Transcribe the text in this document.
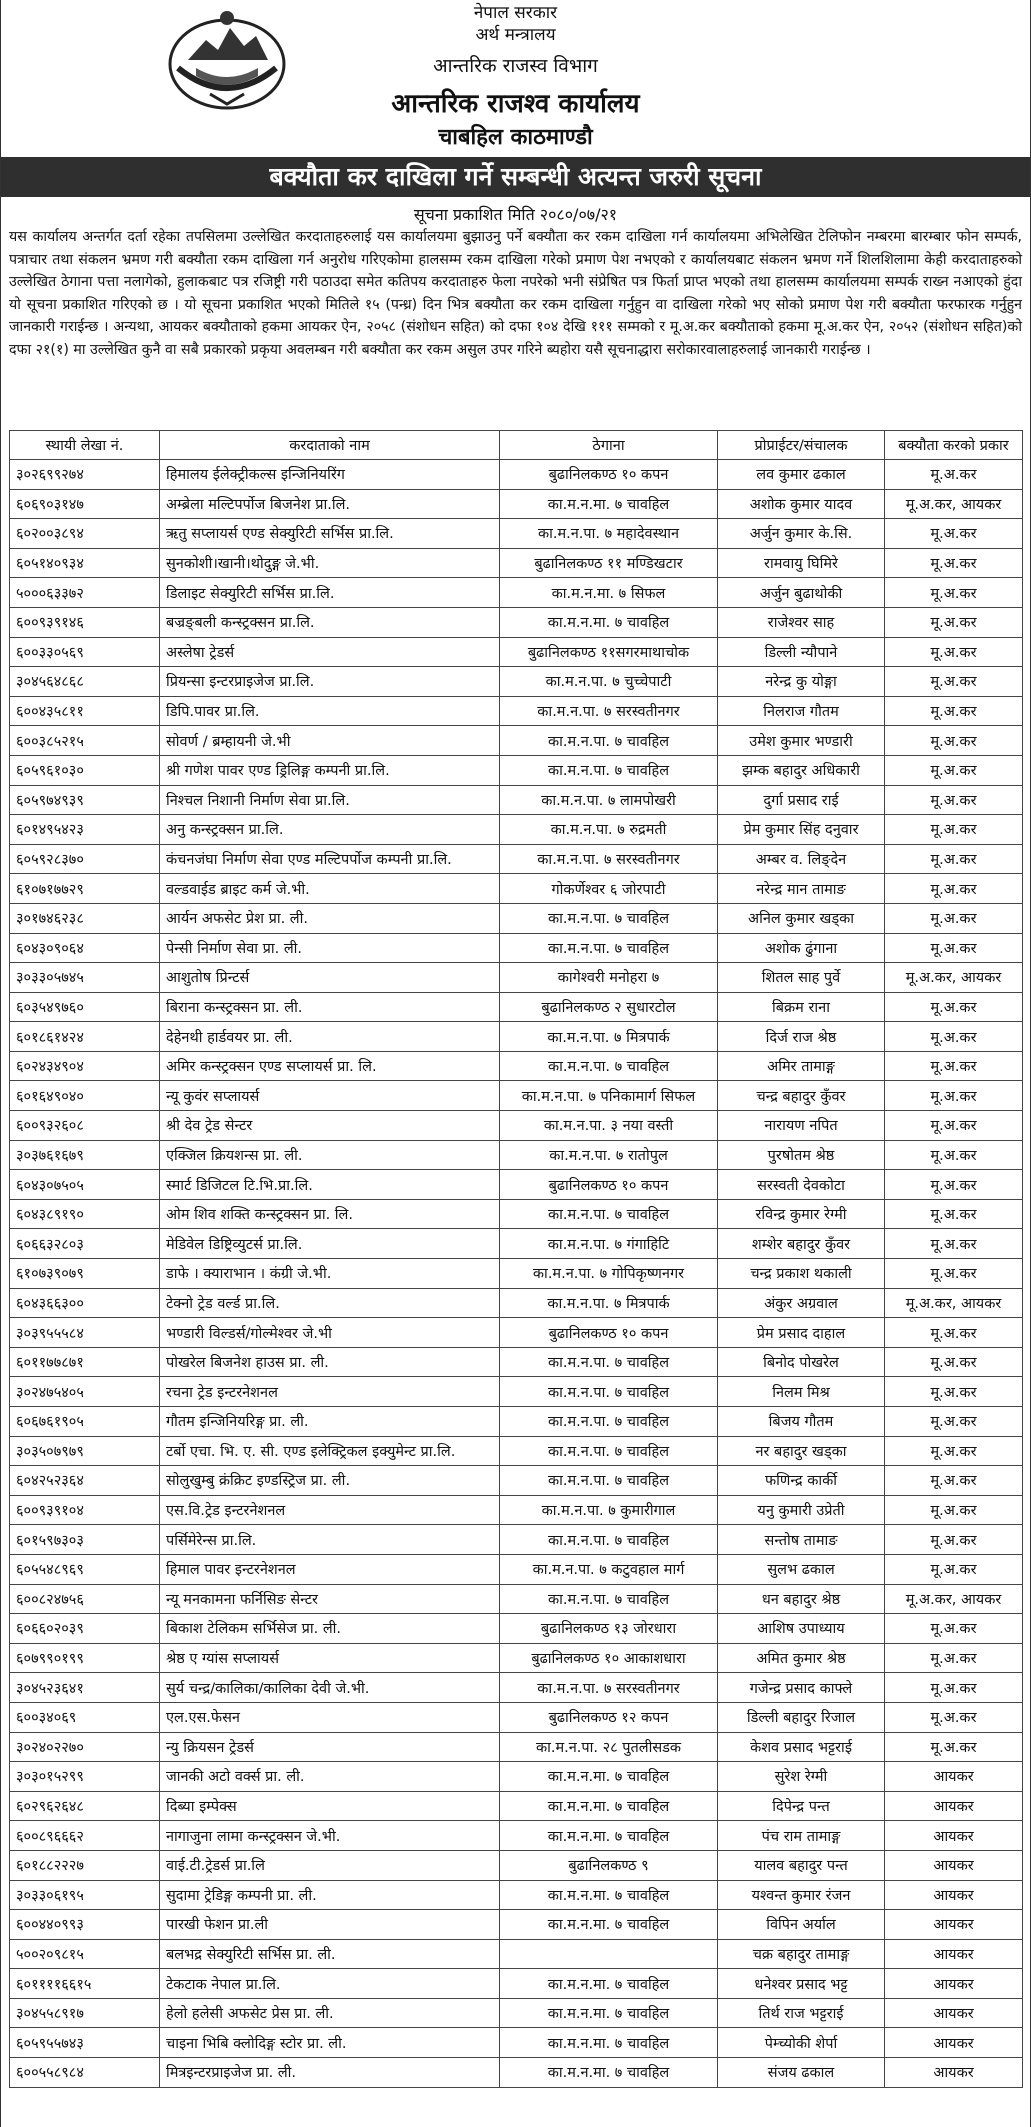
नेपाल सरकार
अर्थ मन्त्रालय
आन्तरिक राजस्व विभाग
आन्तरिक राजश्व कार्यालय
चाबहिल काठमाण्डौ
बक्यौता कर दाखिला गर्ने सम्बन्धी अत्यन्त जरुरी सूचना
सूचना प्रकाशित मिति २०८०/०७/२१
यस कार्यालय अन्तर्गत दर्ता रहेका तपसिलमा उल्लेखित करदाताहरुलाई यस कार्यालयमा बुझाउनु पर्ने बक्यौता कर रकम दाखिला गर्न कार्यालयमा अभिलेखित टेलिफोन नम्बरमा बारम्बार फोन सम्पर्क, पत्राचार तथा संकलन भ्रमण गरी बक्यौता रकम दाखिला गर्न अनुरोध गरिएकोमा हालसम्म रकम दाखिला गरेको प्रमाण पेश नभएको र कार्यालयबाट संकलन भ्रमण गर्ने शिलशिलामा केही करदाताहरुको उल्लेखित ठेगाना पत्ता नलागेको, हुलाकबाट पत्र रजिष्ट्री गरी पठाउदा समेत कतिपय करदाताहरु फेला नपरेको भनी संप्रेषित पत्र फिर्ता प्राप्त भएको तथा हालसम्म कार्यालयमा सम्पर्क राख्न नआएको हुंदा यो सूचना प्रकाशित गरिएको छ । यो सूचना प्रकाशित भएको मितिले १५ (पन्ध्र) दिन भित्र बक्यौता कर रकम दाखिला गर्नुहुन वा दाखिला गरेको भए सोको प्रमाण पेश गरी बक्यौता फरफारक गर्नुहुन जानकारी गराईन्छ । अन्यथा, आयकर बक्यौताको हकमा आयकर ऐन, २०५८ (संशोधन सहित) को दफा १०४ देखि १११ सम्मको र मू.अ.कर बक्यौताको हकमा मू.अ.कर ऐन, २०५२ (संशोधन सहित)को दफा २१(१) मा उल्लेखित कुनै वा सबै प्रकारको प्रकृया अवलम्बन गरी बक्यौता कर रकम असुल उपर गरिने ब्यहोरा यसै सूचनाद्धारा सरोकारवालाहरुलाई जानकारी गराईन्छ ।
स्थायी लेखा नं.	करदाताको नाम	ठेगाना	प्रोप्राईटर/संचालक	बक्यौता करको प्रकार
३०२६९९२७४	हिमालय ईलेक्ट्रीकल्स इन्जिनियरिंग	बुढानिलकण्ठ १० कपन	लव कुमार ढकाल	मू.अ.कर
६०६९०३१४७	अम्ब्रेला मल्टिपर्पोज बिजनेश प्रा.लि.	का.म.न.मा. ७ चावहिल	अशोक कुमार यादव	मू.अ.कर, आयकर
६०२००३८९४	ऋतु सप्लायर्स एण्ड सेक्युरिटी सर्भिस प्रा.लि.	का.म.न.पा. ७ महादेवस्थान	अर्जुन कुमार के.सि.	मू.अ.कर
६०५१४०९३४	सुनकोशी।खानी।थोदुङ्ग जे.भी.	बुढानिलकण्ठ ११ मण्डिखटार	रामवायु घिमिरे	मू.अ.कर
५०००६३३७२	डिलाइट सेक्युरिटी सर्भिस प्रा.लि.	का.म.न.मा. ७ सिफल	अर्जुन बुढाथोकी	मू.अ.कर
६००९३९१४६	बज्रङ्बली कन्स्ट्रक्सन प्रा.लि.	का.म.न.मा. ७ चावहिल	राजेश्वर साह	मू.अ.कर
६००३३०५६९	अस्लेषा ट्रेडर्स	बुढानिलकण्ठ ११सगरमाथाचोक	डिल्ली न्यौपाने	मू.अ.कर
३०४५६४८६८	प्रियन्सा इन्टरप्राइजेज प्रा.लि.	का.म.न.पा. ७ चुच्चेपाटी	नरेन्द्र कु योङ्गा	मू.अ.कर
६००४३५८११	डिपि.पावर प्रा.लि.	का.म.न.पा. ७ सरस्वतीनगर	निलराज गौतम	मू.अ.कर
६००३८५२१५	सोवर्ण / ब्रम्हायनी जे.भी	का.म.न.पा. ७ चावहिल	उमेश कुमार भण्डारी	मू.अ.कर
६०५९६१०३०	श्री गणेश पावर एण्ड ड्रिलिङ्ग कम्पनी प्रा.लि.	का.म.न.पा. ७ चावहिल	झम्क बहादुर अधिकारी	मू.अ.कर
६०५९७४९३९	निश्चल निशानी निर्माण सेवा प्रा.लि.	का.म.न.पा. ७ लामपोखरी	दुर्गा प्रसाद राई	मू.अ.कर
६०१४९५४२३	अनु कन्स्ट्रक्सन प्रा.लि.	का.म.न.पा. ७ रुद्रमती	प्रेम कुमार सिंह दनुवार	मू.अ.कर
६०५९२८३७०	कंचनजंघा निर्माण सेवा एण्ड मल्टिपर्पोज कम्पनी प्रा.लि.	का.म.न.पा. ७ सरस्वतीनगर	अम्बर व. लिङ्देन	मू.अ.कर
६१०७१७७२९	वल्डवाईड ब्राइट कर्म जे.भी.	गोकर्णेश्वर ६ जोरपाटी	नरेन्द्र मान तामाङ	मू.अ.कर
३०१७४६२३८	आर्यन अफसेट प्रेश प्रा. ली.	का.म.न.पा. ७ चावहिल	अनिल कुमार खड्का	मू.अ.कर
६०४३०९०६४	पेन्सी निर्माण सेवा प्रा. ली.	का.म.न.पा. ७ चावहिल	अशोक ढुंगाना	मू.अ.कर
३०३३०५७४५	आशुतोष प्रिन्टर्स	कागेश्वरी मनोहरा ७	शितल साह पुर्वे	मू.अ.कर, आयकर
६०३५४९७६०	बिराना कन्स्ट्रक्सन प्रा. ली.	बुढानिलकण्ठ २ सुधारटोल	बिक्रम राना	मू.अ.कर
६०१८६१४२४	देहेनथी हार्डवयर प्रा. ली.	का.म.न.पा. ७ मित्रपार्क	दिर्ज राज श्रेष्ठ	मू.अ.कर
६०२४३४९०४	अमिर कन्स्ट्रक्सन एण्ड सप्लायर्स प्रा. लि.	का.म.न.पा. ७ चावहिल	अमिर तामाङ्ग	मू.अ.कर
६०१६४९०४०	न्यू कुवंर सप्लायर्स	का.म.न.पा. ७ पनिकामार्ग सिफल	चन्द्र बहादुर कुँवर	मू.अ.कर
६००९३२६०८	श्री देव ट्रेड सेन्टर	का.म.न.पा. ३ नया वस्ती	नारायण नपित	मू.अ.कर
३०३७६१६७९	एक्जिल क्रियशन्स प्रा. ली.	का.म.न.पा. ७ रातोपुल	पुरषोतम श्रेष्ठ	मू.अ.कर
६०४३०७५०५	स्मार्ट डिजिटल टि.भि.प्रा.लि.	बुढानिलकण्ठ १० कपन	सरस्वती देवकोटा	मू.अ.कर
६०४३८९१९०	ओम शिव शक्ति कन्स्ट्रक्सन प्रा. लि.	का.म.न.पा. ७ चावहिल	रविन्द्र कुमार रेग्मी	मू.अ.कर
६०६६३२८०३	मेडिवेल डिष्ट्रिव्युटर्स प्रा.लि.	का.म.न.पा. ७ गंगाहिटि	शम्शेर बहादुर कुँवर	मू.अ.कर
६१०७३९०७९	डाफे । क्याराभान । कंग्री जे.भी.	का.म.न.पा. ७ गोपिकृष्णनगर	चन्द्र प्रकाश थकाली	मू.अ.कर
६०४३६६३००	टेक्नो ट्रेड वर्ल्ड प्रा.लि.	का.म.न.पा. ७ मित्रपार्क	अंकुर अग्रवाल	मू.अ.कर, आयकर
३०३९५५५८४	भण्डारी विल्डर्स/गोल्मेश्वर जे.भी	बुढानिलकण्ठ १० कपन	प्रेम प्रसाद दाहाल	मू.अ.कर
६०११७७८७१	पोखरेल बिजनेश हाउस प्रा. ली.	का.म.न.पा. ७ चावहिल	बिनोद पोखरेल	मू.अ.कर
३०२४७५४०५	रचना ट्रेड इन्टरनेशनल	का.म.न.पा. ७ चावहिल	निलम मिश्र	मू.अ.कर
६०६७६१९०५	गौतम इन्जिनियरिङ्ग प्रा. ली.	का.म.न.पा. ७ चावहिल	बिजय गौतम	मू.अ.कर
३०३५०७९७९	टर्बो एचा. भि. ए. सी. एण्ड इलेक्ट्रिकल इक्युमेन्ट प्रा.लि.	का.म.न.पा. ७ चावहिल	नर बहादुर खड्का	मू.अ.कर
६०४२५२३६४	सोलुखुम्बु क्रंक्रिट इण्डस्ट्रिज प्रा. ली.	का.म.न.पा. ७ चावहिल	फणिन्द्र कार्की	मू.अ.कर
६००९३९१०४	एस.वि.ट्रेड इन्टरनेशनल	का.म.न.पा. ७ कुमारीगाल	यनु कुमारी उप्रेती	मू.अ.कर
६०१५९७३०३	पर्सिमेरेन्स प्रा.लि.	का.म.न.पा. ७ चावहिल	सन्तोष तामाङ	मू.अ.कर
६०५५४८९६९	हिमाल पावर इन्टरनेशनल	का.म.न.पा. ७ कटुवहाल मार्ग	सुलभ ढकाल	मू.अ.कर
६००८२४७५६	न्यू मनकामना फर्निसिङ सेन्टर	का.म.न.पा. ७ चावहिल	धन बहादुर श्रेष्ठ	मू.अ.कर, आयकर
६०६६०२०३९	बिकाश टेलिकम सर्भिसेज प्रा. ली.	बुढानिलकण्ठ १३ जोरधारा	आशिष उपाध्याय	मू.अ.कर
६०७९९०१९९	श्रेष्ठ ए ग्यांस सप्लायर्स	बुढानिलकण्ठ १० आकाशधारा	अमित कुमार श्रेष्ठ	मू.अ.कर
३०४५२३६४१	सुर्य चन्द्र/कालिका/कालिका देवी जे.भी.	का.म.न.पा. ७ सरस्वतीनगर	गजेन्द्र प्रसाद काफ्ले	मू.अ.कर
६००३४०६९	एल.एस.फेसन	बुढानिलकण्ठ १२ कपन	डिल्ली बहादुर रिजाल	मू.अ.कर
३०२४०२२७०	न्यु क्रियसन ट्रेडर्स	का.म.न.पा. २८ पुतलीसडक	केशव प्रसाद भट्टराई	मू.अ.कर
३०३०१५२९९	जानकी अटो वर्क्स प्रा. ली.	का.म.न.मा. ७ चावहिल	सुरेश रेग्मी	आयकर
६०२९६२६४८	दिब्या इम्पेक्स	का.म.न.मा. ७ चावहिल	दिपेन्द्र पन्त	आयकर
६००८९६६६२	नागाजुना लामा कन्स्ट्रक्सन जे.भी.	का.म.न.मा. ७ चावहिल	पंच राम तामाङ्ग	आयकर
६०१८८२२२७	वाई.टी.ट्रेडर्स प्रा.लि	बुढानिलकण्ठ ९	यालव बहादुर पन्त	आयकर
३०३३०६१९५	सुदामा ट्रेडिङ्ग कम्पनी प्रा. ली.	का.म.न.मा. ७ चावहिल	यश्वन्त कुमार रंजन	आयकर
६००४४०९९३	पारखी फेशन प्रा.ली	का.म.न.मा. ७ चावहिल	विपिन अर्याल	आयकर
५००२०९८१५	बलभद्र सेक्युरिटी सर्भिस प्रा. ली.		चक्र बहादुर तामाङ्ग	आयकर
६०११११६६१५	टेकटाक नेपाल प्रा.लि.	का.म.न.मा. ७ चावहिल	धनेश्वर प्रसाद भट्ट	आयकर
३०४५५८९१७	हेलो हलेसी अफसेट प्रेस प्रा. ली.	का.म.न.मा. ७ चावहिल	तिर्थ राज भट्टराई	आयकर
६०५९५५७४३	चाइना भिबि क्लोदिङ्ग स्टोर प्रा. ली.	का.म.न.मा. ७ चावहिल	पेम्च्योकी शेर्पा	आयकर
६००५५८९८४	मित्रइन्टरप्राइजेज प्रा. ली.	का.म.न.मा. ७ चावहिल	संजय ढकाल	आयकर
